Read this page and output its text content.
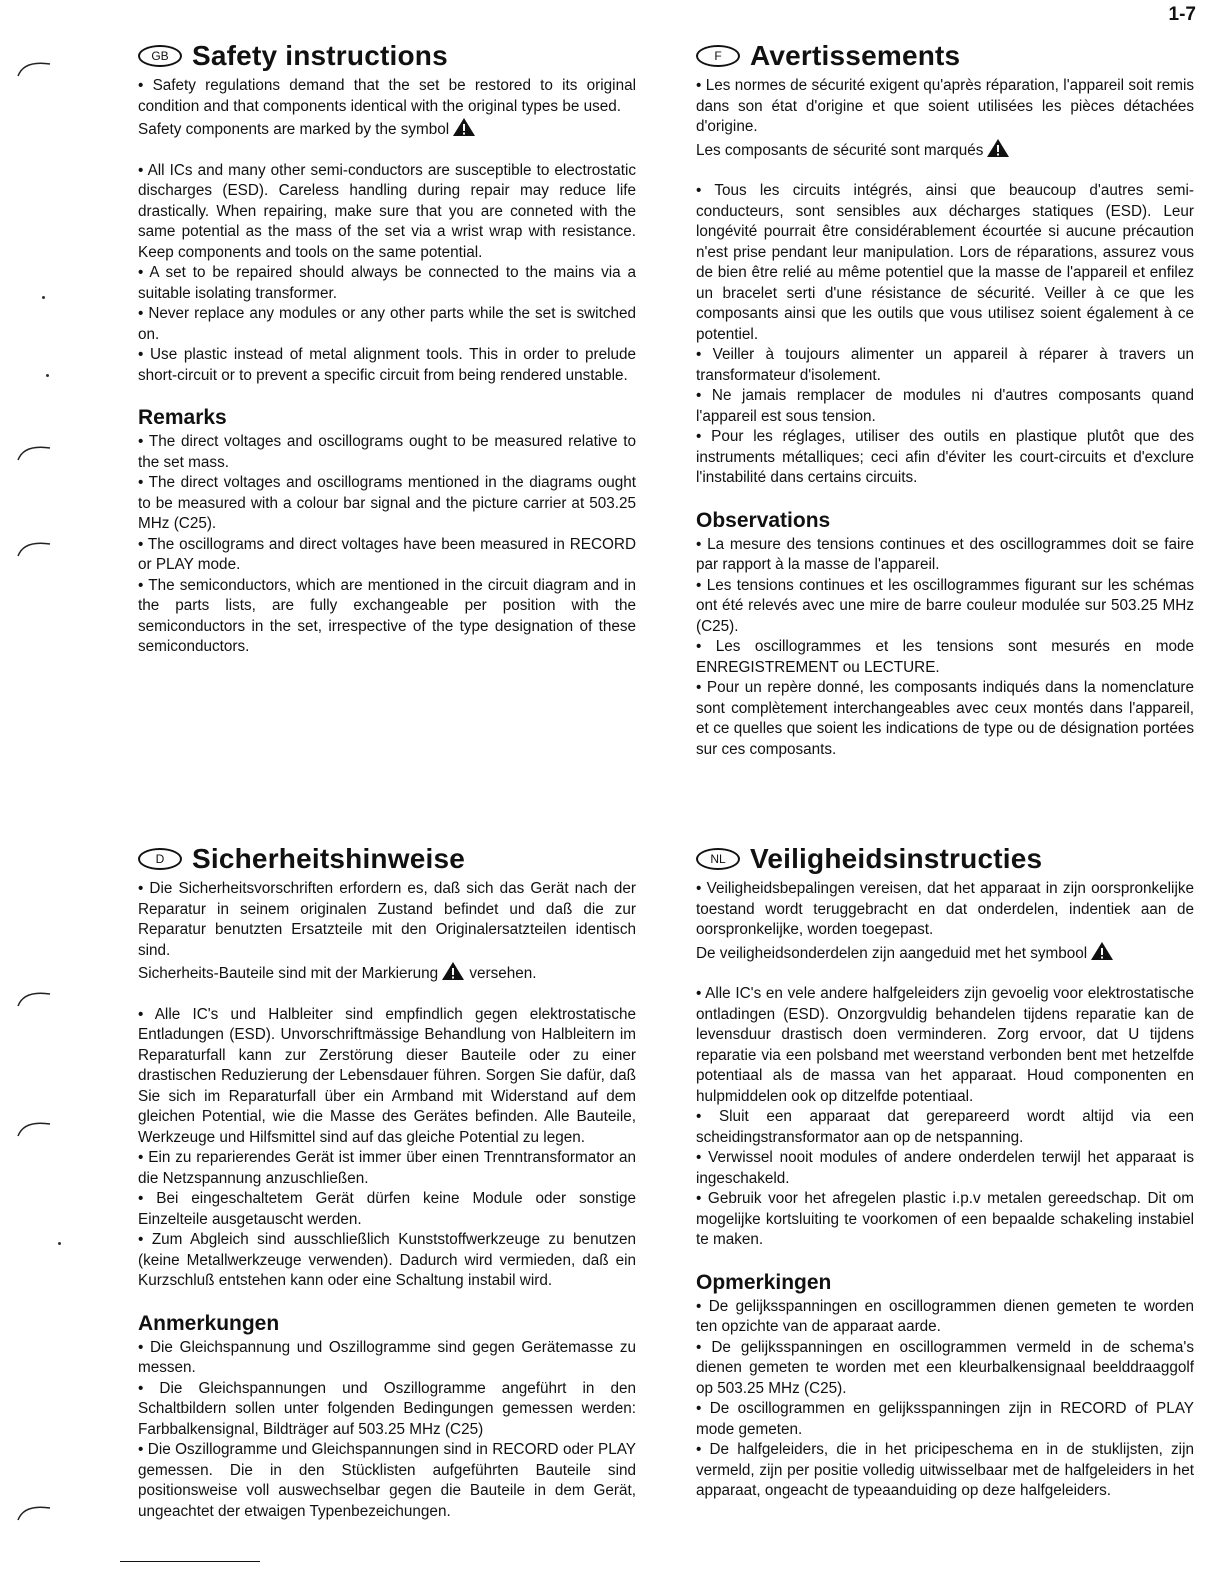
1-7
GB Safety instructions

• Safety regulations demand that the set be restored to its original condition and that components identical with the original types be used.

Safety components are marked by the symbol

• All ICs and many other semi-conductors are susceptible to electrostatic discharges (ESD). Careless handling during repair may reduce life drastically. When repairing, make sure that you are conneted with the same potential as the mass of the set via a wrist wrap with resistance. Keep components and tools on the same potential.

• A set to be repaired should always be connected to the mains via a suitable isolating transformer.

• Never replace any modules or any other parts while the set is switched on.

• Use plastic instead of metal alignment tools. This in order to prelude short-circuit or to prevent a specific circuit from being rendered unstable.

Remarks

• The direct voltages and oscillograms ought to be measured relative to the set mass.

• The direct voltages and oscillograms mentioned in the diagrams ought to be measured with a colour bar signal and the picture carrier at 503.25 MHz (C25).

• The oscillograms and direct voltages have been measured in RECORD or PLAY mode.

• The semiconductors, which are mentioned in the circuit diagram and in the parts lists, are fully exchangeable per position with the semiconductors in the set, irrespective of the type designation of these semiconductors.

F	Avertissements

• Les normes de sécurité exigent qu'après réparation, l'appareil soit remis dans son état d'origine et que soient utilisées les pièces détachées d'origine.

Les composants de sécurité sont marqués

• Tous les circuits intégrés, ainsi que beaucoup d'autres semi-conducteurs, sont sensibles aux décharges statiques (ESD). Leur longévité pourrait être considérablement écourtée si aucune précaution n'est prise pendant leur manipulation. Lors de réparations, assurez vous de bien être relié au même potentiel que la masse de l'appareil et enfilez un bracelet serti d'une résistance de sécurité. Veiller à ce que les composants ainsi que les outils que vous utilisez soient également à ce potentiel.

• Veiller à toujours alimenter un appareil à réparer à travers un transformateur d'isolement.

• Ne jamais remplacer de modules ni d'autres composants quand l'appareil est sous tension.

• Pour les réglages, utiliser des outils en plastique plutôt que des instruments métalliques; ceci afin d'éviter les court-circuits et d'exclure l'instabilité dans certains circuits.

Observations

• La mesure des tensions continues et des oscillogrammes doit se faire par rapport à la masse de l'appareil.

• Les tensions continues et les oscillogrammes figurant sur les schémas ont été relevés avec une mire de barre couleur modulée sur 503.25 MHz (C25).

• Les oscillogrammes et les tensions sont mesurés en mode ENREGISTREMENT ou LECTURE.

• Pour un repère donné, les composants indiqués dans la nomenclature sont complètement interchangeables avec ceux montés dans l'appareil, et ce quelles que soient les indications de type ou de désignation portées sur ces composants.

D Sicherheitshinweise

• Die Sicherheitsvorschriften erfordern es, daß sich das Gerät nach der Reparatur in seinem originalen Zustand befindet und daß die zur Reparatur benutzten Ersatzteile mit den Originalersatzteilen identisch sind.

Sicherheits-Bauteile sind mit der Markierung versehen.

• Alle IC's und Halbleiter sind empfindlich gegen elektrostatische Entladungen (ESD). Unvorschriftmässige Behandlung von Halbleitern im Reparaturfall kann zur Zerstörung dieser Bauteile oder zu einer drastischen Reduzierung der Lebensdauer führen. Sorgen Sie dafür, daß Sie sich im Reparaturfall über ein Armband mit Widerstand auf dem gleichen Potential, wie die Masse des Gerätes befinden. Alle Bauteile, Werkzeuge und Hilfsmittel sind auf das gleiche Potential zu legen.

• Ein zu reparierendes Gerät ist immer über einen Trenntransformator an die Netzspannung anzuschließen.

• Bei eingeschaltetem Gerät dürfen keine Module oder sonstige Einzelteile ausgetauscht werden.

• Zum Abgleich sind ausschließlich Kunststoffwerkzeuge zu benutzen (keine Metallwerkzeuge verwenden). Dadurch wird vermieden, daß ein Kurzschluß entstehen kann oder eine Schaltung instabil wird.

Anmerkungen

• Die Gleichspannung und Oszillogramme sind gegen Gerätemasse zu messen.

• Die Gleichspannungen und Oszillogramme angeführt in den Schaltbildern sollen unter folgenden Bedingungen gemessen werden: Farbbalkensignal, Bildträger auf 503.25 MHz (C25)

• Die Oszillogramme und Gleichspannungen sind in RECORD oder PLAY gemessen. Die in den Stücklisten aufgeführten Bauteile sind positionsweise voll auswechselbar gegen die Bauteile in dem Gerät, ungeachtet der etwaigen Typenbezeichungen.

NL Veiligheidsinstructies

• Veiligheidsbepalingen vereisen, dat het apparaat in zijn oorspronkelijke toestand wordt teruggebracht en dat onderdelen, indentiek aan de oorspronkelijke, worden toegepast.

De veiligheidsonderdelen zijn aangeduid met het symbool

• Alle IC's en vele andere halfgeleiders zijn gevoelig voor elektrostatische ontladingen (ESD). Onzorgvuldig behandelen tijdens reparatie kan de levensduur drastisch doen verminderen. Zorg ervoor, dat U tijdens reparatie via een polsband met weerstand verbonden bent met hetzelfde potentiaal als de massa van het apparaat. Houd componenten en hulpmiddelen ook op ditzelfde potentiaal.

• Sluit een apparaat dat gerepareerd wordt altijd via een scheidingstransformator aan op de netspanning.

• Verwissel nooit modules of andere onderdelen terwijl het apparaat is ingeschakeld.

• Gebruik voor het afregelen plastic i.p.v metalen gereedschap. Dit om mogelijke kortsluiting te voorkomen of een bepaalde schakeling instabiel te maken.

Opmerkingen

• De gelijksspanningen en oscillogrammen dienen gemeten te worden ten opzichte van de apparaat aarde.

• De gelijksspanningen en oscillogrammen vermeld in de schema's dienen gemeten te worden met een kleurbalkensignaal beelddraaggolf op 503.25 MHz (C25).

• De oscillogrammen en gelijksspanningen zijn in RECORD of PLAY mode gemeten.

• De halfgeleiders, die in het pricipeschema en in de stuklijsten, zijn vermeld, zijn per positie volledig uitwisselbaar met de halfgeleiders in het apparaat, ongeacht de typeaanduiding op deze halfgeleiders.
